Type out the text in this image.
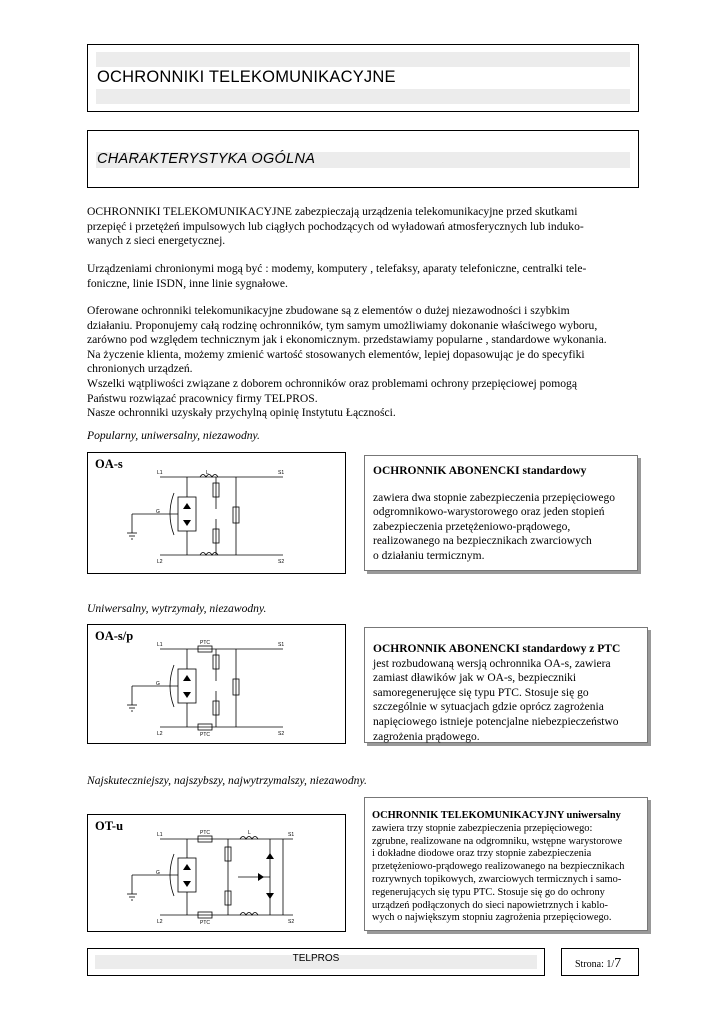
OCHRONNIKI TELEKOMUNIKACYJNE
CHARAKTERYSTYKA OGÓLNA

OCHRONNIKI TELEKOMUNIKACYJNE zabezpieczają urządzenia telekomunikacyjne przed skutkami

przepięć i przetężeń impulsowych lub ciągłych pochodzących od wyładowań atmosferycznych lub induko-

wanych z sieci energetycznej.

Urządzeniami chronionymi mogą być : modemy, komputery , telefaksy, aparaty telefoniczne, centralki tele-

foniczne, linie ISDN, inne linie sygnałowe.

Oferowane ochronniki telekomunikacyjne zbudowane są z elementów o dużej niezawodności i szybkim

działaniu. Proponujemy całą rodzinę ochronników, tym samym umożliwiamy dokonanie właściwego wyboru,

zarówno pod względem technicznym jak i ekonomicznym. przedstawiamy popularne , standardowe wykonania.

Na życzenie klienta, możemy zmienić wartość stosowanych elementów, lepiej dopasowując je do specyfiki

chronionych urządzeń.

Wszelki wątpliwości związane z doborem ochronników oraz problemami ochrony przepięciowej pomogą

Państwu rozwiązać pracownicy firmy TELPROS.

Nasze ochronniki uzyskały przychylną opinię Instytutu Łączności.

Popularny, uniwersalny, niezawodny.
OA-s
L1	L	S1
G
L2	S2
OCHRONNIK ABONENCKI standardowy

zawiera dwa stopnie zabezpieczenia przepięciowego

odgromnikowo-warystorowego oraz jeden stopień

zabezpieczenia przetężeniowo-prądowego,

realizowanego na bezpiecznikach zwarciowych

o działaniu termicznym.

Uniwersalny, wytrzymały, niezawodny.
OA-s/p
L1	PTC	S1
G
L2	PTC	S2
OCHRONNIK ABONENCKI standardowy z PTC

jest rozbudowaną wersją ochronnika OA-s, zawiera

zamiast dławików jak w OA-s, bezpieczniki

samoregenerujęce się typu PTC. Stosuje się go

szczególnie w sytuacjach gdzie oprócz zagrożenia

napięciowego istnieje potencjalne niebezpieczeństwo

zagrożenia prądowego.

Najskuteczniejszy, najszybszy, najwytrzymalszy, niezawodny.
OT-u
L1	PTC	L	S1
G
L2	PTC	S2
OCHRONNIK TELEKOMUNIKACYJNY uniwersalny

zawiera trzy stopnie zabezpieczenia przepięciowego:

zgrubne, realizowane na odgromniku, wstępne warystorowe

i dokładne diodowe oraz trzy stopnie zabezpieczenia

przetężeniowo-prądowego realizowanego na bezpiecznikach

rozrywnych topikowych, zwarciowych termicznych i samo-

regenerujących się typu PTC. Stosuje się go do ochrony

urządzeń podłączonych do sieci napowietrznych i kablo-

wych o największym stopniu zagrożenia przepięciowego.

TELPROS
Strona: 1/7
